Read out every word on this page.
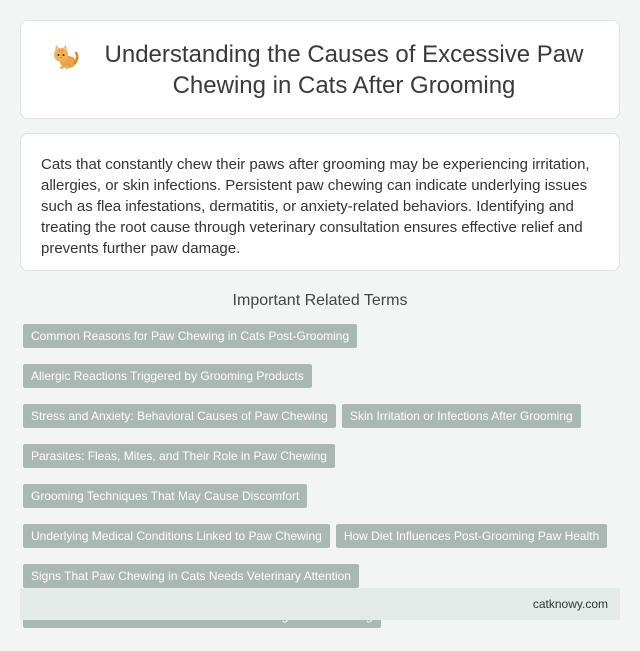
Understanding the Causes of Excessive Paw Chewing in Cats After Grooming

Cats that constantly chew their paws after grooming may be experiencing irritation, allergies, or skin infections. Persistent paw chewing can indicate underlying issues such as flea infestations, dermatitis, or anxiety-related behaviors. Identifying and treating the root cause through veterinary consultation ensures effective relief and prevents further paw damage.

Important Related Terms
Common Reasons for Paw Chewing in Cats Post-Grooming
Allergic Reactions Triggered by Grooming Products
Stress and Anxiety: Behavioral Causes of Paw Chewing	Skin Irritation or Infections After Grooming
Parasites: Fleas, Mites, and Their Role in Paw Chewing
Grooming Techniques That May Cause Discomfort
Underlying Medical Conditions Linked to Paw Chewing	How Diet Influences Post-Grooming Paw Health
Signs That Paw Chewing in Cats Needs Veterinary Attention
catknowy.com
